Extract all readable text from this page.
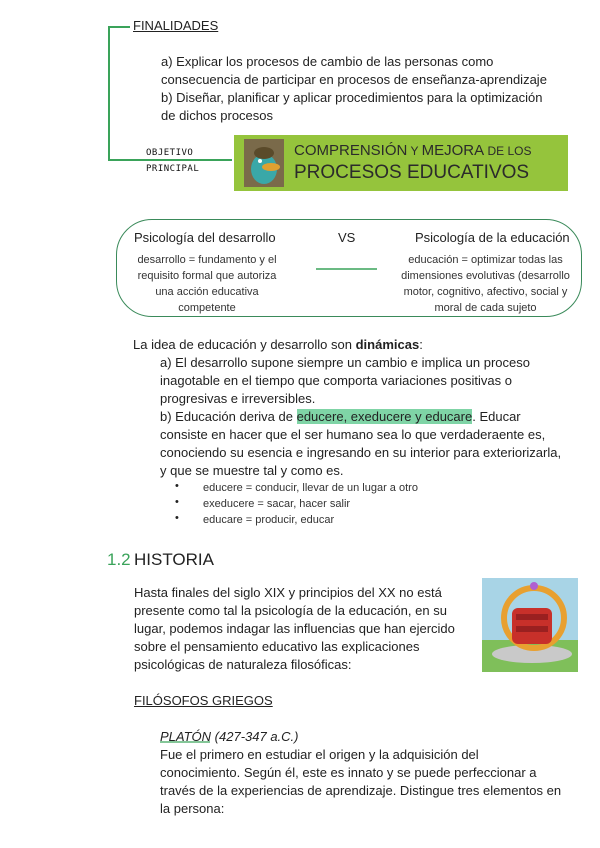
FINALIDADES
a) Explicar los procesos de cambio de las personas como
consecuencia de participar en procesos de enseñanza-aprendizaje
b) Diseñar, planificar y aplicar procedimientos para la optimización
de dichos procesos
OBJETIVO
PRINCIPAL
COMPRENSIÓN Y MEJORA DE LOS
PROCESOS EDUCATIVOS
Psicología del desarrollo	VS	Psicología de la educación
desarrollo = fundamento y el
requisito formal que autoriza
una acción educativa
competente
educación = optimizar todas las
dimensiones evolutivas (desarrollo
motor, cognitivo, afectivo, social y
moral de cada sujeto
La idea de educación y desarrollo son dinámicas:
a) El desarrollo supone siempre un cambio e implica un proceso
inagotable en el tiempo que comporta variaciones positivas o
progresivas e irreversibles.
b) Educación deriva de educere, exeducere y educare. Educar
consiste en hacer que el ser humano sea lo que verdaderaente es,
conociendo su esencia e ingresando en su interior para exteriorizarla,
y que se muestre tal y como es.
• educere = conducir, llevar de un lugar a otro
• exeducere = sacar, hacer salir
• educare = producir, educar
1.2 HISTORIA
Hasta finales del siglo XIX y principios del XX no está
presente como tal la psicología de la educación, en su
lugar, podemos indagar las influencias que han ejercido
sobre el pensamiento educativo las explicaciones
psicológicas de naturaleza filosóficas:
FILÓSOFOS GRIEGOS
PLATÓN (427-347 a.C.)
Fue el primero en estudiar el origen y la adquisición del
conocimiento. Según él, este es innato y se puede perfeccionar a
través de la experiencias de aprendizaje. Distingue tres elementos en
la persona:
